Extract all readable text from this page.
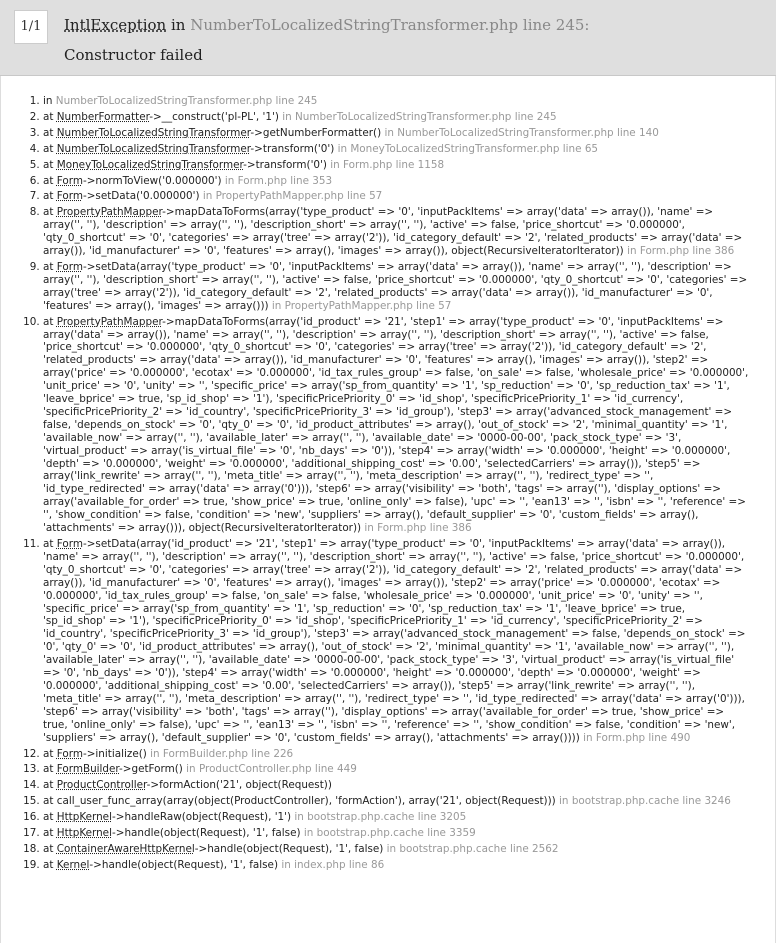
1/1	IntlException in NumberToLocalizedStringTransformer.php line 245:
Constructor failed
1. in NumberToLocalizedStringTransformer.php line 245
2. at NumberFormatter->__construct('pl-PL', '1') in NumberToLocalizedStringTransformer.php line 245
3. at NumberToLocalizedStringTransformer->getNumberFormatter() in NumberToLocalizedStringTransformer.php line 140
4. at NumberToLocalizedStringTransformer->transform('0') in MoneyToLocalizedStringTransformer.php line 65
5. at MoneyToLocalizedStringTransformer->transform('0') in Form.php line 1158
6. at Form->normToView('0.000000') in Form.php line 353
7. at Form->setData('0.000000') in PropertyPathMapper.php line 57
8. at PropertyPathMapper->mapDataToForms(array('type_product' => '0', 'inputPackItems' => array('data' => array()), 'name' => array('', ''), 'description' => array('', ''), 'description_short' => array('', ''), 'active' => false, 'price_shortcut' => '0.000000', 'qty_0_shortcut' => '0', 'categories' => array('tree' => array('2')), 'id_category_default' => '2', 'related_products' => array('data' => array()), 'id_manufacturer' => '0', 'features' => array(), 'images' => array()), object(RecursiveIteratorIterator)) in Form.php line 386
9. at Form->setData(array('type_product' => '0', 'inputPackItems' => array('data' => array()), 'name' => array('', ''), 'description' => array('', ''), 'description_short' => array('', ''), 'active' => false, 'price_shortcut' => '0.000000', 'qty_0_shortcut' => '0', 'categories' => array('tree' => array('2')), 'id_category_default' => '2', 'related_products' => array('data' => array()), 'id_manufacturer' => '0', 'features' => array(), 'images' => array())) in PropertyPathMapper.php line 57
10. at PropertyPathMapper->mapDataToForms(array('id_product' => '21', 'step1' => array('type_product' => '0', 'inputPackItems' => array('data' => array()), 'name' => array('', ''), 'description' => array('', ''), 'description_short' => array('', ''), 'active' => false, 'price_shortcut' => '0.000000', 'qty_0_shortcut' => '0', 'categories' => array('tree' => array('2')), 'id_category_default' => '2', 'related_products' => array('data' => array()), 'id_manufacturer' => '0', 'features' => array(), 'images' => array()), 'step2' => array('price' => '0.000000', 'ecotax' => '0.000000', 'id_tax_rules_group' => false, 'on_sale' => false, 'wholesale_price' => '0.000000', 'unit_price' => '0', 'unity' => '', 'specific_price' => array('sp_from_quantity' => '1', 'sp_reduction' => '0', 'sp_reduction_tax' => '1', 'leave_bprice' => true, 'sp_id_shop' => '1'), 'specificPricePriority_0' => 'id_shop', 'specificPricePriority_1' => 'id_currency', 'specificPricePriority_2' => 'id_country', 'specificPricePriority_3' => 'id_group'), 'step3' => array('advanced_stock_management' => false, 'depends_on_stock' => '0', 'qty_0' => '0', 'id_product_attributes' => array(), 'out_of_stock' => '2', 'minimal_quantity' => '1', 'available_now' => array('', ''), 'available_later' => array('', ''), 'available_date' => '0000-00-00', 'pack_stock_type' => '3', 'virtual_product' => array('is_virtual_file' => '0', 'nb_days' => '0')), 'step4' => array('width' => '0.000000', 'height' => '0.000000', 'depth' => '0.000000', 'weight' => '0.000000', 'additional_shipping_cost' => '0.00', 'selectedCarriers' => array()), 'step5' => array('link_rewrite' => array('', ''), 'meta_title' => array('', ''), 'meta_description' => array('', ''), 'redirect_type' => '', 'id_type_redirected' => array('data' => array('0'))), 'step6' => array('visibility' => 'both', 'tags' => array(''), 'display_options' => array('available_for_order' => true, 'show_price' => true, 'online_only' => false), 'upc' => '', 'ean13' => '', 'isbn' => '', 'reference' => '', 'show_condition' => false, 'condition' => 'new', 'suppliers' => array(), 'default_supplier' => '0', 'custom_fields' => array(), 'attachments' => array())), object(RecursiveIteratorIterator)) in Form.php line 386
11. at Form->setData(array('id_product' => '21', 'step1' => array('type_product' => '0', 'inputPackItems' => array('data' => array()), 'name' => array('', ''), 'description' => array('', ''), 'description_short' => array('', ''), 'active' => false, 'price_shortcut' => '0.000000', 'qty_0_shortcut' => '0', 'categories' => array('tree' => array('2')), 'id_category_default' => '2', 'related_products' => array('data' => array()), 'id_manufacturer' => '0', 'features' => array(), 'images' => array()), 'step2' => array('price' => '0.000000', 'ecotax' => '0.000000', 'id_tax_rules_group' => false, 'on_sale' => false, 'wholesale_price' => '0.000000', 'unit_price' => '0', 'unity' => '', 'specific_price' => array('sp_from_quantity' => '1', 'sp_reduction' => '0', 'sp_reduction_tax' => '1', 'leave_bprice' => true, 'sp_id_shop' => '1'), 'specificPricePriority_0' => 'id_shop', 'specificPricePriority_1' => 'id_currency', 'specificPricePriority_2' => 'id_country', 'specificPricePriority_3' => 'id_group'), 'step3' => array('advanced_stock_management' => false, 'depends_on_stock' => '0', 'qty_0' => '0', 'id_product_attributes' => array(), 'out_of_stock' => '2', 'minimal_quantity' => '1', 'available_now' => array('', ''), 'available_later' => array('', ''), 'available_date' => '0000-00-00', 'pack_stock_type' => '3', 'virtual_product' => array('is_virtual_file' => '0', 'nb_days' => '0')), 'step4' => array('width' => '0.000000', 'height' => '0.000000', 'depth' => '0.000000', 'weight' => '0.000000', 'additional_shipping_cost' => '0.00', 'selectedCarriers' => array()), 'step5' => array('link_rewrite' => array('', ''), 'meta_title' => array('', ''), 'meta_description' => array('', ''), 'redirect_type' => '', 'id_type_redirected' => array('data' => array('0'))), 'step6' => array('visibility' => 'both', 'tags' => array(''), 'display_options' => array('available_for_order' => true, 'show_price' => true, 'online_only' => false), 'upc' => '', 'ean13' => '', 'isbn' => '', 'reference' => '', 'show_condition' => false, 'condition' => 'new', 'suppliers' => array(), 'default_supplier' => '0', 'custom_fields' => array(), 'attachments' => array()))) in Form.php line 490
12. at Form->initialize() in FormBuilder.php line 226
13. at FormBuilder->getForm() in ProductController.php line 449
14. at ProductController->formAction('21', object(Request))
15. at call_user_func_array(array(object(ProductController), 'formAction'), array('21', object(Request))) in bootstrap.php.cache line 3246
16. at HttpKernel->handleRaw(object(Request), '1') in bootstrap.php.cache line 3205
17. at HttpKernel->handle(object(Request), '1', false) in bootstrap.php.cache line 3359
18. at ContainerAwareHttpKernel->handle(object(Request), '1', false) in bootstrap.php.cache line 2562
19. at Kernel->handle(object(Request), '1', false) in index.php line 86
